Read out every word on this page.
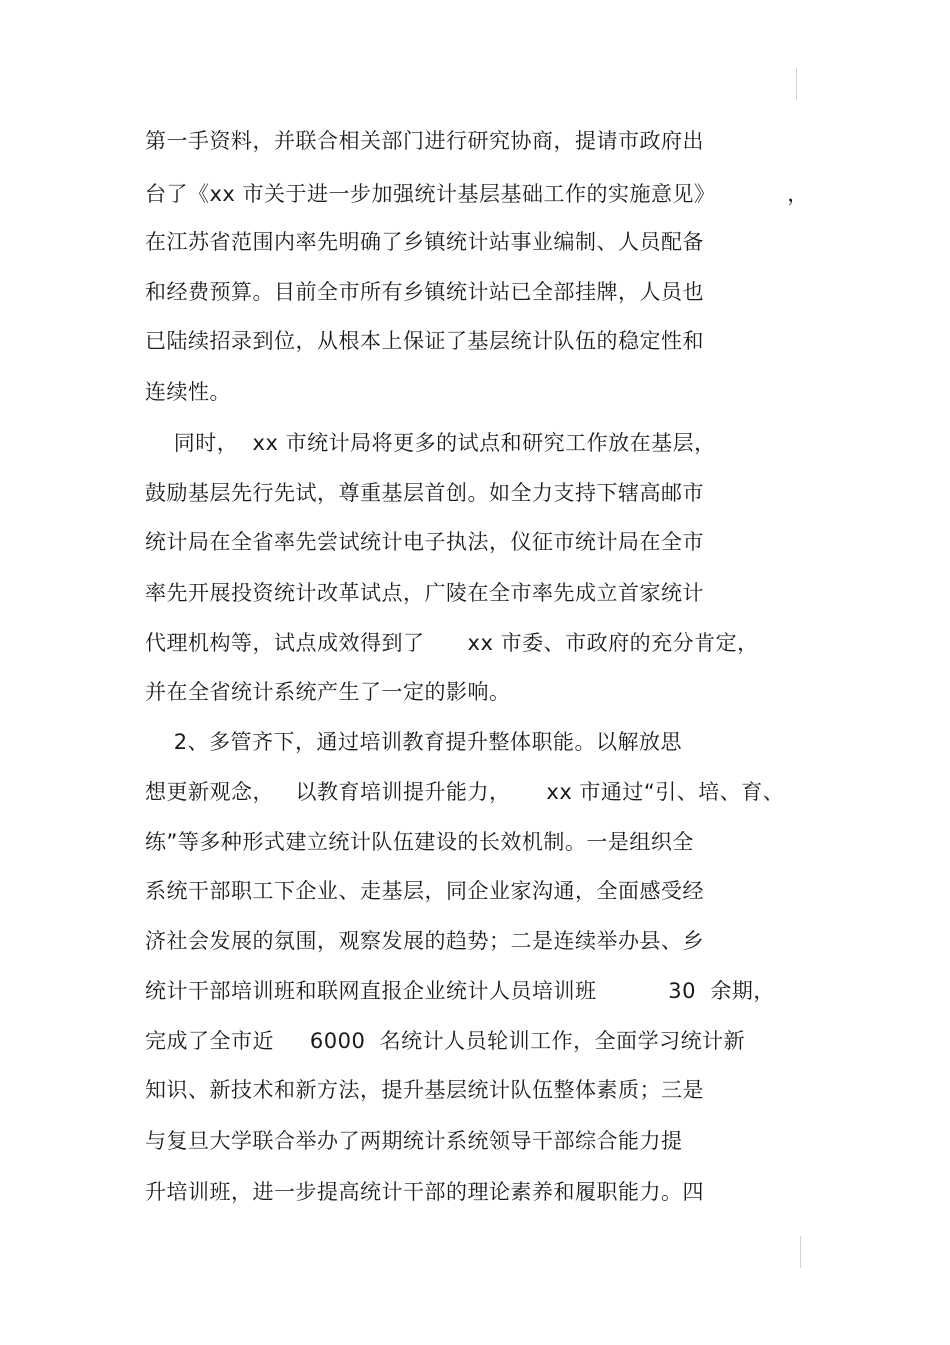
第一手资料，并联合相关部门进行研究协商，提请市政府出
台了《xx 市关于进一步加强统计基层基础工作的实施意见》          ，
在江苏省范围内率先明确了乡镇统计站事业编制、人员配备
和经费预算。目前全市所有乡镇统计站已全部挂牌，人员也
已陆续招录到位，从根本上保证了基层统计队伍的稳定性和
连续性。
同时，  xx 市统计局将更多的试点和研究工作放在基层，
鼓励基层先行先试，尊重基层首创。如全力支持下辖高邮市
统计局在全省率先尝试统计电子执法，仪征市统计局在全市
率先开展投资统计改革试点，广陵在全市率先成立首家统计
代理机构等，试点成效得到了      xx 市委、市政府的充分肯定，
并在全省统计系统产生了一定的影响。
2、多管齐下，通过培训教育提升整体职能。以解放思
想更新观念，   以教育培训提升能力，     xx 市通过“引、培、育、
练”等多种形式建立统计队伍建设的长效机制。一是组织全
系统干部职工下企业、走基层，同企业家沟通，全面感受经
济社会发展的氛围，观察发展的趋势；二是连续举办县、乡
统计干部培训班和联网直报企业统计人员培训班          30  余期，
完成了全市近     6000  名统计人员轮训工作，全面学习统计新
知识、新技术和新方法，提升基层统计队伍整体素质；三是
与复旦大学联合举办了两期统计系统领导干部综合能力提
升培训班，进一步提高统计干部的理论素养和履职能力。四
